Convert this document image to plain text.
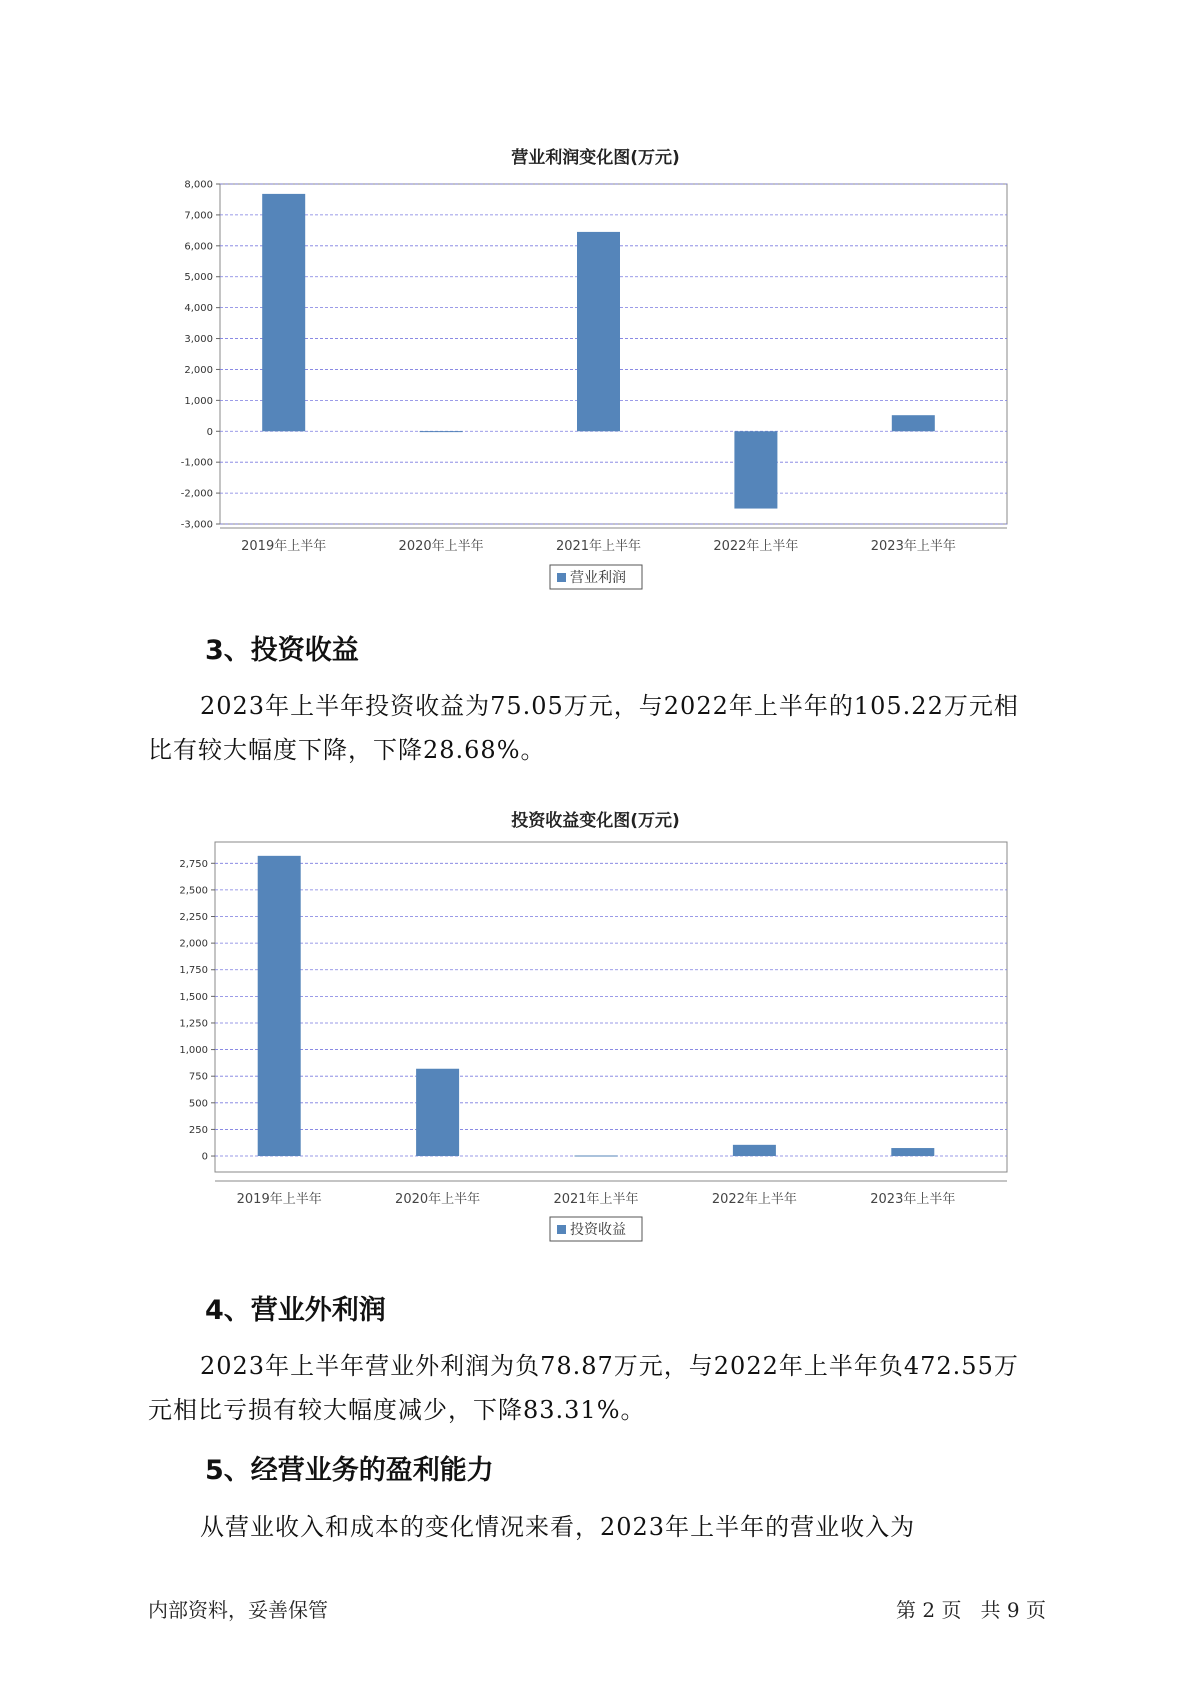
营业利润变化图(万元)
8,000
7,000
6,000
5,000
4,000
3,000
2,000
1,000
0
-1,000
-2,000
-3,000
2019年上半年	2020年上半年	2021年上半年	2022年上半年	2023年上半年
营业利润
3、投资收益
2023年上半年投资收益为75.05万元，与2022年上半年的105.22万元相
比有较大幅度下降，下降28.68%。
投资收益变化图(万元)
2,750
2,500
2,250
2,000
1,750
1,500
1,250
1,000
750
500
250
0
2019年上半年	2020年上半年	2021年上半年	2022年上半年	2023年上半年
投资收益
4、营业外利润
2023年上半年营业外利润为负78.87万元，与2022年上半年负472.55万
元相比亏损有较大幅度减少，下降83.31%。
5、经营业务的盈利能力
从营业收入和成本的变化情况来看，2023年上半年的营业收入为
内部资料，妥善保管	第 2 页   共 9 页
